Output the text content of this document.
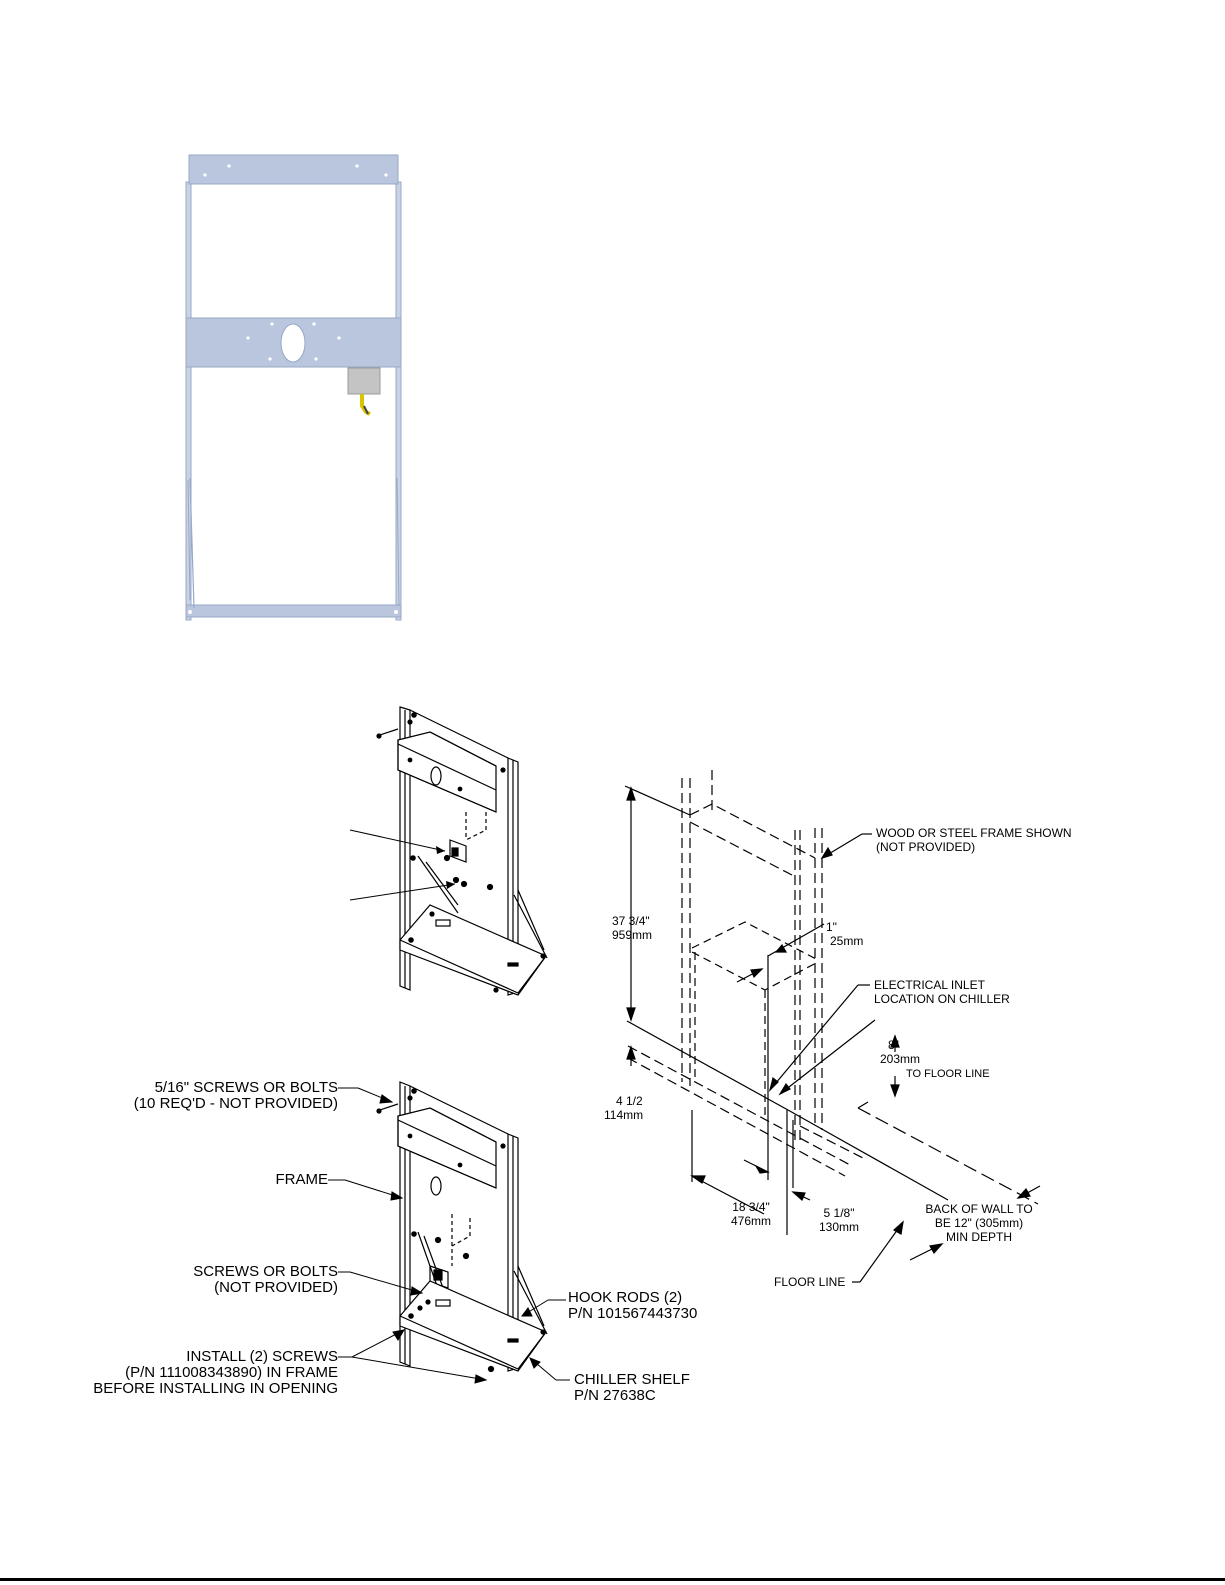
5/16" SCREWS OR BOLTS
(10 REQ'D - NOT PROVIDED)
FRAME
SCREWS OR BOLTS
(NOT PROVIDED)
INSTALL (2) SCREWS
(P/N 111008343890) IN FRAME
BEFORE INSTALLING IN OPENING
HOOK RODS (2)
P/N 101567443730
CHILLER SHELF
P/N 27638C
WOOD OR STEEL FRAME SHOWN
(NOT PROVIDED)
37 3/4"
959mm
1"
25mm
ELECTRICAL INLET
LOCATION ON CHILLER
8"
203mm
TO FLOOR LINE
4 1/2
114mm
18 3/4"
476mm
5 1/8"
130mm
BACK OF WALL TO
BE 12" (305mm)
MIN DEPTH
FLOOR LINE
